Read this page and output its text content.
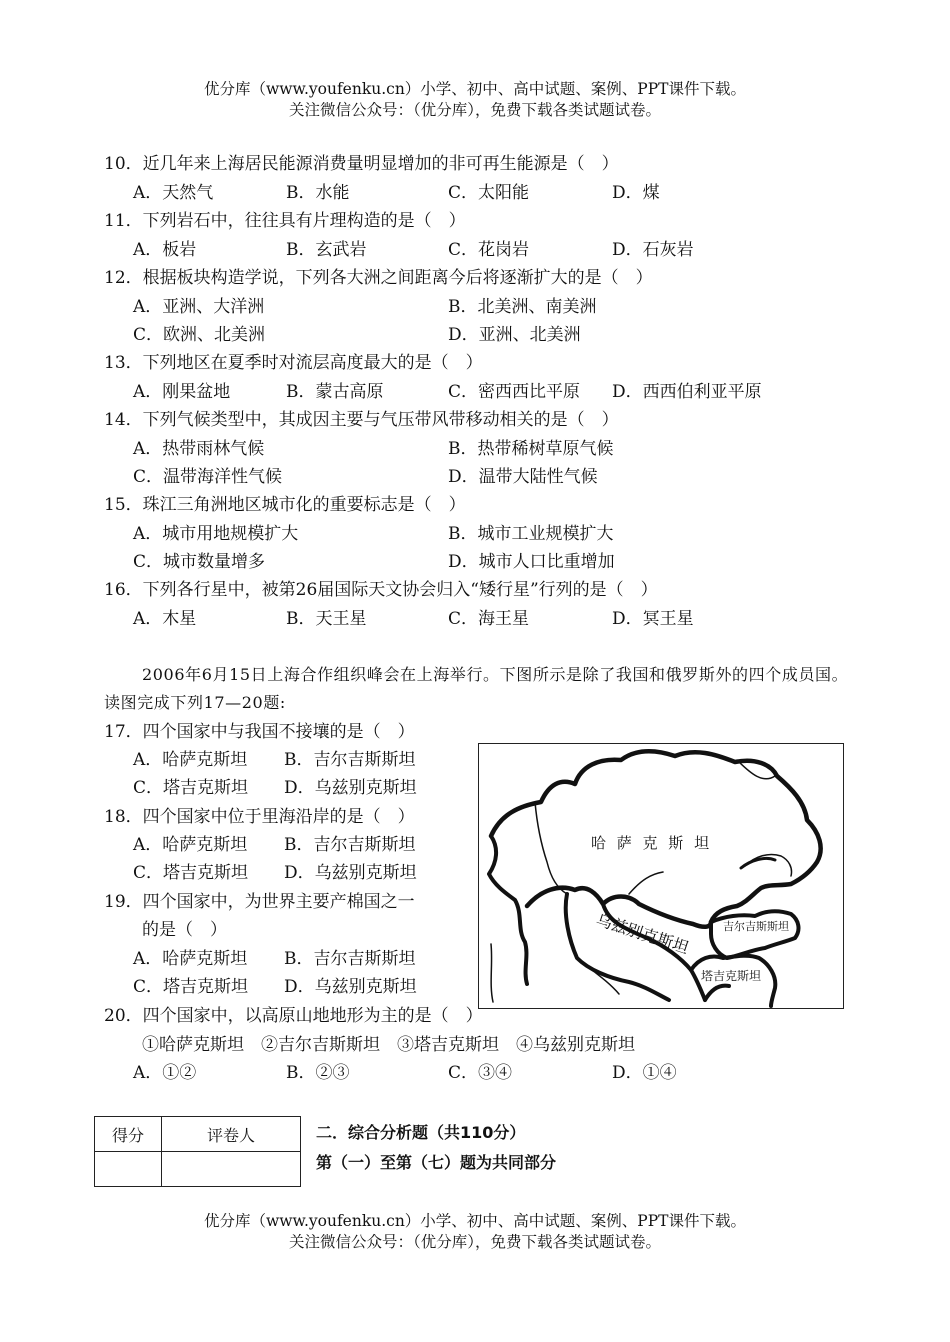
优分库（www.youfenku.cn）小学、初中、高中试题、案例、PPT课件下载。
关注微信公众号：（优分库），免费下载各类试题试卷。
10．近几年来上海居民能源消费量明显增加的非可再生能源是（　）
A．天然气	B．水能	C．太阳能	D．煤
11．下列岩石中，往往具有片理构造的是（　）
A．板岩	B．玄武岩	C．花岗岩	D．石灰岩
12．根据板块构造学说，下列各大洲之间距离今后将逐渐扩大的是（　）
A．亚洲、大洋洲	B．北美洲、南美洲
C．欧洲、北美洲	D．亚洲、北美洲
13．下列地区在夏季时对流层高度最大的是（　）
A．刚果盆地	B．蒙古高原	C．密西西比平原 D．西西伯利亚平原
14．下列气候类型中，其成因主要与气压带风带移动相关的是（　）
A．热带雨林气候	B．热带稀树草原气候
C．温带海洋性气候	D．温带大陆性气候
15．珠江三角洲地区城市化的重要标志是（　）
A．城市用地规模扩大	B．城市工业规模扩大
C．城市数量增多	D．城市人口比重增加
16．下列各行星中，被第26届国际天文协会归入“矮行星”行列的是（　）
A．木星	B．天王星	C．海王星	D．冥王星
2006年6月15日上海合作组织峰会在上海举行。下图所示是除了我国和俄罗斯外的四个成员国。读图完成下列17—20题:
17．四个国家中与我国不接壤的是（　）
A．哈萨克斯坦 B．吉尔吉斯斯坦
C．塔吉克斯坦 D．乌兹别克斯坦
18．四个国家中位于里海沿岸的是（　）
A．哈萨克斯坦 B．吉尔吉斯斯坦
C．塔吉克斯坦 D．乌兹别克斯坦
19．四个国家中，为世界主要产棉国之一
的是（　）
A．哈萨克斯坦 B．吉尔吉斯斯坦
C．塔吉克斯坦 D．乌兹别克斯坦
哈 萨 克 斯 坦
乌兹别克斯坦	吉尔吉斯斯坦
塔吉克斯坦
20．四个国家中，以高原山地地形为主的是（　）
①哈萨克斯坦　②吉尔吉斯斯坦　③塔吉克斯坦　④乌兹别克斯坦
A．①②	B．②③	C．③④	D．①④
得分	评卷人
		二．综合分析题（共110分）
第（一）至第（七）题为共同部分
优分库（www.youfenku.cn）小学、初中、高中试题、案例、PPT课件下载。
关注微信公众号：（优分库），免费下载各类试题试卷。
